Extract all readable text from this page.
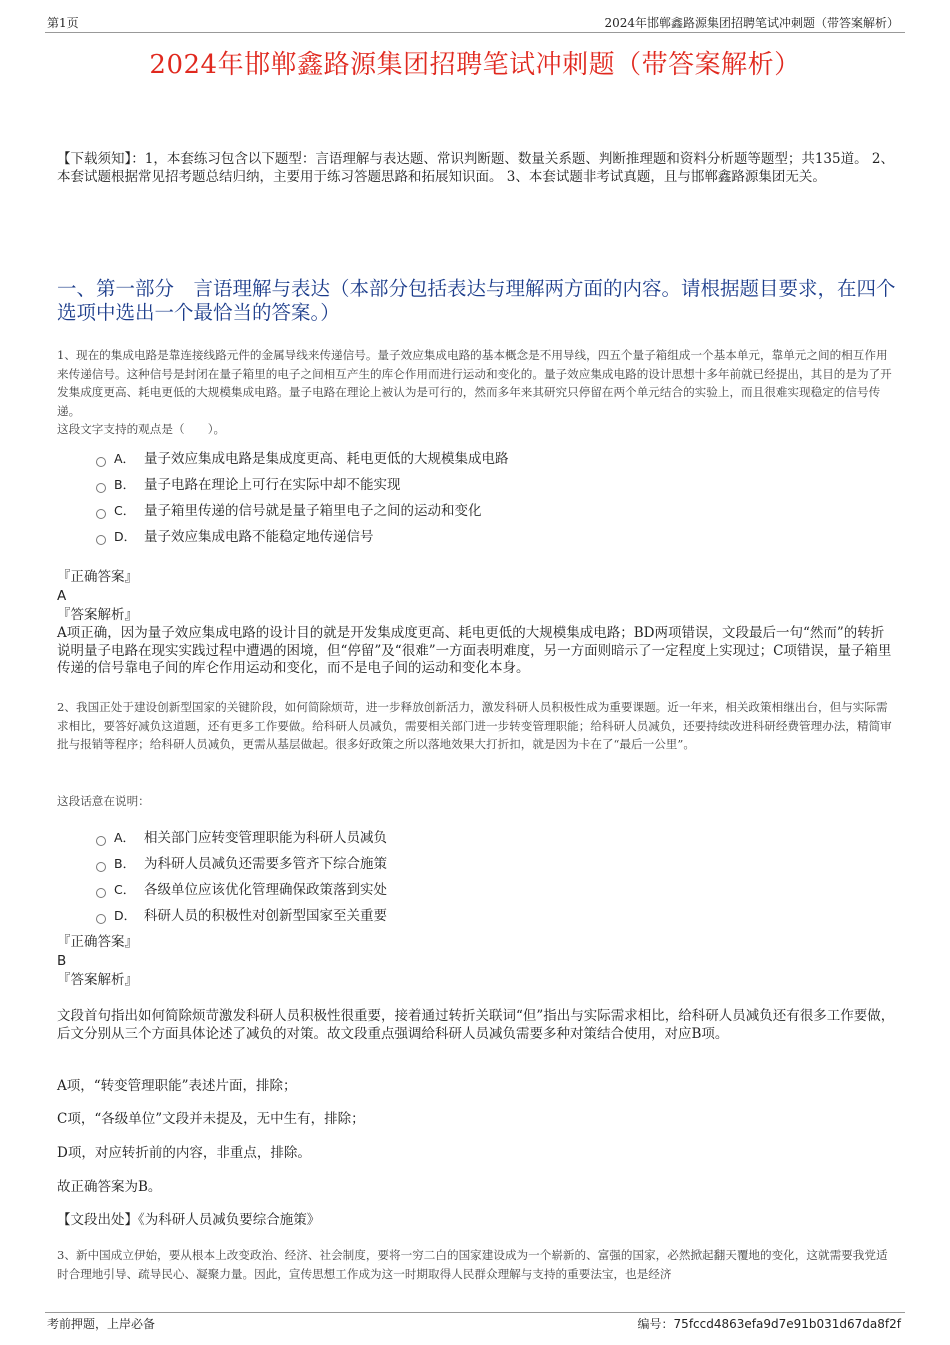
第1页	2024年邯郸鑫路源集团招聘笔试冲刺题（带答案解析）
2024年邯郸鑫路源集团招聘笔试冲刺题（带答案解析）
【下载须知】：1，本套练习包含以下题型：言语理解与表达题、常识判断题、数量关系题、判断推理题和资料分析题等题型；共135道。 2、本套试题根据常见招考题总结归纳，主要用于练习答题思路和拓展知识面。 3、本套试题非考试真题，且与邯郸鑫路源集团无关。
一、第一部分　言语理解与表达（本部分包括表达与理解两方面的内容。请根据题目要求，在四个选项中选出一个最恰当的答案。）
1、现在的集成电路是靠连接线路元件的金属导线来传递信号。量子效应集成电路的基本概念是不用导线，四五个量子箱组成一个基本单元，靠单元之间的相互作用来传递信号。这种信号是封闭在量子箱里的电子之间相互产生的库仑作用而进行运动和变化的。量子效应集成电路的设计思想十多年前就已经提出，其目的是为了开发集成度更高、耗电更低的大规模集成电路。量子电路在理论上被认为是可行的，然而多年来其研究只停留在两个单元结合的实验上，而且很难实现稳定的信号传递。
这段文字支持的观点是（　　）。
A． 量子效应集成电路是集成度更高、耗电更低的大规模集成电路
B． 量子电路在理论上可行在实际中却不能实现
C． 量子箱里传递的信号就是量子箱里电子之间的运动和变化
D． 量子效应集成电路不能稳定地传递信号
『正确答案』
A
『答案解析』
A项正确，因为量子效应集成电路的设计目的就是开发集成度更高、耗电更低的大规模集成电路；BD两项错误，文段最后一句“然而”的转折说明量子电路在现实实践过程中遭遇的困境，但“停留”及“很难”一方面表明难度，另一方面则暗示了一定程度上实现过；C项错误，量子箱里传递的信号靠电子间的库仑作用运动和变化，而不是电子间的运动和变化本身。
2、我国正处于建设创新型国家的关键阶段，如何简除烦苛，进一步释放创新活力，激发科研人员积极性成为重要课题。近一年来，相关政策相继出台，但与实际需求相比，要答好减负这道题，还有更多工作要做。给科研人员减负，需要相关部门进一步转变管理职能；给科研人员减负，还要持续改进科研经费管理办法，精简审批与报销等程序；给科研人员减负，更需从基层做起。很多好政策之所以落地效果大打折扣，就是因为卡在了“最后一公里”。
这段话意在说明：
A． 相关部门应转变管理职能为科研人员减负
B． 为科研人员减负还需要多管齐下综合施策
C． 各级单位应该优化管理确保政策落到实处
D． 科研人员的积极性对创新型国家至关重要
『正确答案』
B
『答案解析』
文段首句指出如何简除烦苛激发科研人员积极性很重要，接着通过转折关联词“但”指出与实际需求相比，给科研人员减负还有很多工作要做，后文分别从三个方面具体论述了减负的对策。故文段重点强调给科研人员减负需要多种对策结合使用，对应B项。
A项，“转变管理职能”表述片面，排除；
C项，“各级单位”文段并未提及，无中生有，排除；
D项，对应转折前的内容，非重点，排除。
故正确答案为B。
【文段出处】《为科研人员减负要综合施策》
3、新中国成立伊始，要从根本上改变政治、经济、社会制度，要将一穷二白的国家建设成为一个崭新的、富强的国家，必然掀起翻天覆地的变化，这就需要我党适时合理地引导、疏导民心、凝聚力量。因此，宣传思想工作成为这一时期取得人民群众理解与支持的重要法宝，也是经济
考前押题，上岸必备	编号：75fccd4863efa9d7e91b031d67da8f2f
